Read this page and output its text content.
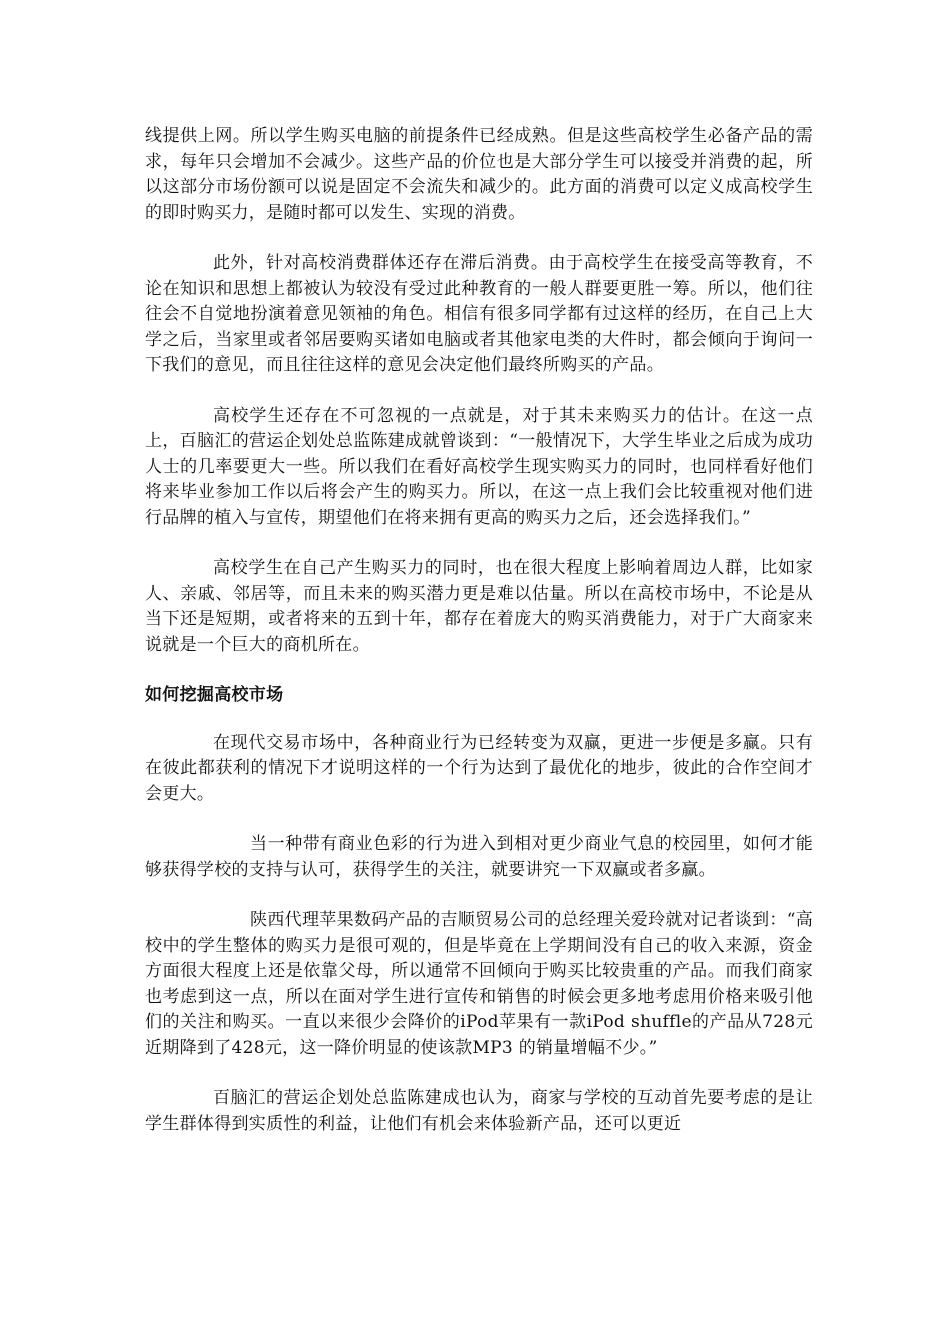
线提供上网。所以学生购买电脑的前提条件已经成熟。但是这些高校学生必备产品的需求，每年只会增加不会减少。这些产品的价位也是大部分学生可以接受并消费的起，所以这部分市场份额可以说是固定不会流失和减少的。此方面的消费可以定义成高校学生的即时购买力，是随时都可以发生、实现的消费。

此外，针对高校消费群体还存在滞后消费。由于高校学生在接受高等教育，不论在知识和思想上都被认为较没有受过此种教育的一般人群要更胜一筹。所以，他们往往会不自觉地扮演着意见领袖的角色。相信有很多同学都有过这样的经历，在自己上大学之后，当家里或者邻居要购买诸如电脑或者其他家电类的大件时，都会倾向于询问一下我们的意见，而且往往这样的意见会决定他们最终所购买的产品。

高校学生还存在不可忽视的一点就是，对于其未来购买力的估计。在这一点上，百脑汇的营运企划处总监陈建成就曾谈到：“一般情况下，大学生毕业之后成为成功人士的几率要更大一些。所以我们在看好高校学生现实购买力的同时，也同样看好他们将来毕业参加工作以后将会产生的购买力。所以，在这一点上我们会比较重视对他们进行品牌的植入与宣传，期望他们在将来拥有更高的购买力之后，还会选择我们。”

高校学生在自己产生购买力的同时，也在很大程度上影响着周边人群，比如家人、亲戚、邻居等，而且未来的购买潜力更是难以估量。所以在高校市场中，不论是从当下还是短期，或者将来的五到十年，都存在着庞大的购买消费能力，对于广大商家来说就是一个巨大的商机所在。

如何挖掘高校市场

在现代交易市场中，各种商业行为已经转变为双赢，更进一步便是多赢。只有在彼此都获利的情况下才说明这样的一个行为达到了最优化的地步，彼此的合作空间才会更大。

当一种带有商业色彩的行为进入到相对更少商业气息的校园里，如何才能够获得学校的支持与认可，获得学生的关注，就要讲究一下双赢或者多赢。

陕西代理苹果数码产品的吉顺贸易公司的总经理关爱玲就对记者谈到：“高校中的学生整体的购买力是很可观的，但是毕竟在上学期间没有自己的收入来源，资金方面很大程度上还是依靠父母，所以通常不回倾向于购买比较贵重的产品。而我们商家也考虑到这一点，所以在面对学生进行宣传和销售的时候会更多地考虑用价格来吸引他们的关注和购买。一直以来很少会降价的iPod苹果有一款iPod shuffle的产品从728元近期降到了428元，这一降价明显的使该款MP3 的销量增幅不少。”

百脑汇的营运企划处总监陈建成也认为，商家与学校的互动首先要考虑的是让学生群体得到实质性的利益，让他们有机会来体验新产品，还可以更近
